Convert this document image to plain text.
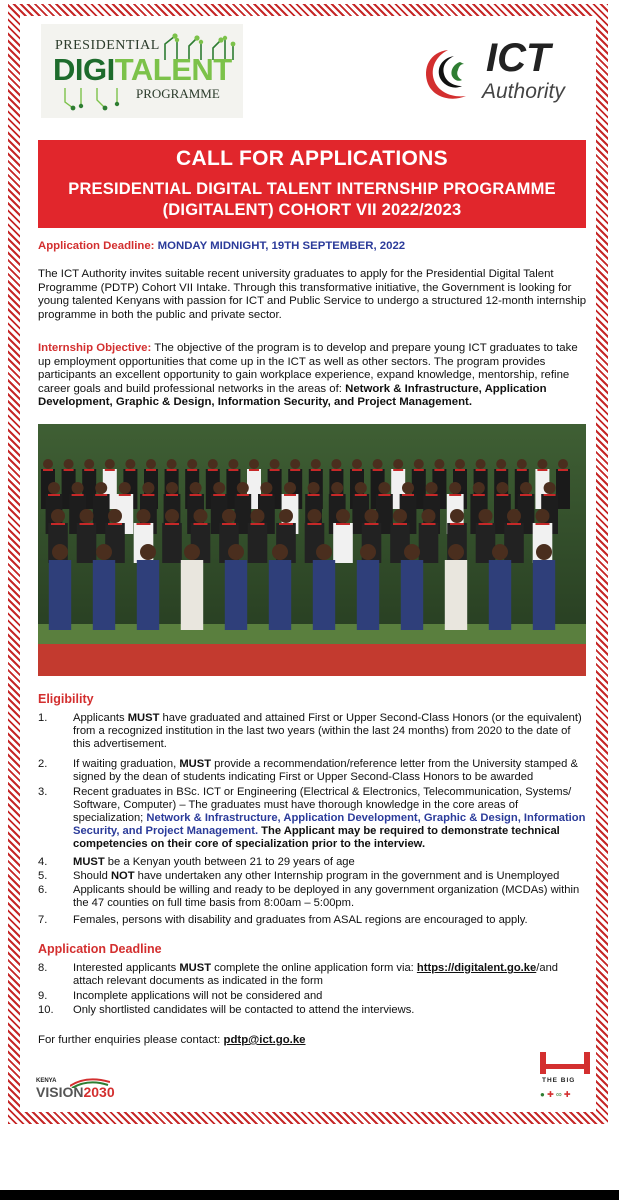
PRESIDENTIAL
DIGITALENT
PROGRAMME
ICT
Authority
CALL FOR APPLICATIONS
PRESIDENTIAL DIGITAL TALENT INTERNSHIP PROGRAMME
(DIGITALENT) COHORT VII 2022/2023
Application Deadline: MONDAY MIDNIGHT, 19TH SEPTEMBER, 2022
The ICT Authority invites suitable recent university graduates to apply for the Presidential Digital Talent Programme (PDTP) Cohort VII Intake. Through this transformative initiative, the Government is looking for young talented Kenyans with passion for ICT and Public Service to undergo a structured 12-month internship programme in both the public and private sector.
Internship Objective: The objective of the program is to develop and prepare young ICT graduates to take up employment opportunities that come up in the ICT as well as other sectors. The program provides participants an excellent opportunity to gain workplace experience, expand knowledge, mentorship, refine career goals and build professional networks in the areas of: Network & Infrastructure, Application Development, Graphic & Design, Information Security, and Project Management.
Eligibility
1.	Applicants MUST have graduated and attained First or Upper Second-Class Honors (or the equivalent) from a recognized institution in the last two years (within the last 24 months) from 2020 to the date of this advertisement.
2.	If waiting graduation, MUST provide a recommendation/reference letter from the University stamped & signed by the dean of students indicating First or Upper Second-Class Honors to be awarded
3.	Recent graduates in BSc. ICT or Engineering (Electrical & Electronics, Telecommunication, Systems/ Software, Computer) – The graduates must have thorough knowledge in the core areas of specialization; Network & Infrastructure, Application Development, Graphic & Design, Information Security, and Project Management. The Applicant may be required to demonstrate technical competencies on their core of specialization prior to the interview.
4.	MUST be a Kenyan youth between 21 to 29 years of age
5.	Should NOT have undertaken any other Internship program in the government and is Unemployed
6.	Applicants should be willing and ready to be deployed in any government organization (MCDAs) within the 47 counties on full time basis from 8:00am – 5:00pm.
7.	Females, persons with disability and graduates from ASAL regions are encouraged to apply.
Application Deadline
8.	Interested applicants MUST complete the online application form via: https://digitalent.go.ke/and attach relevant documents as indicated in the form
9.	Incomplete applications will not be considered and
10.	Only shortlisted candidates will be contacted to attend the interviews.
For further enquiries please contact: pdtp@ict.go.ke
KENYA
VISION2030
THE BIG
● ✚ ∞ ✚
